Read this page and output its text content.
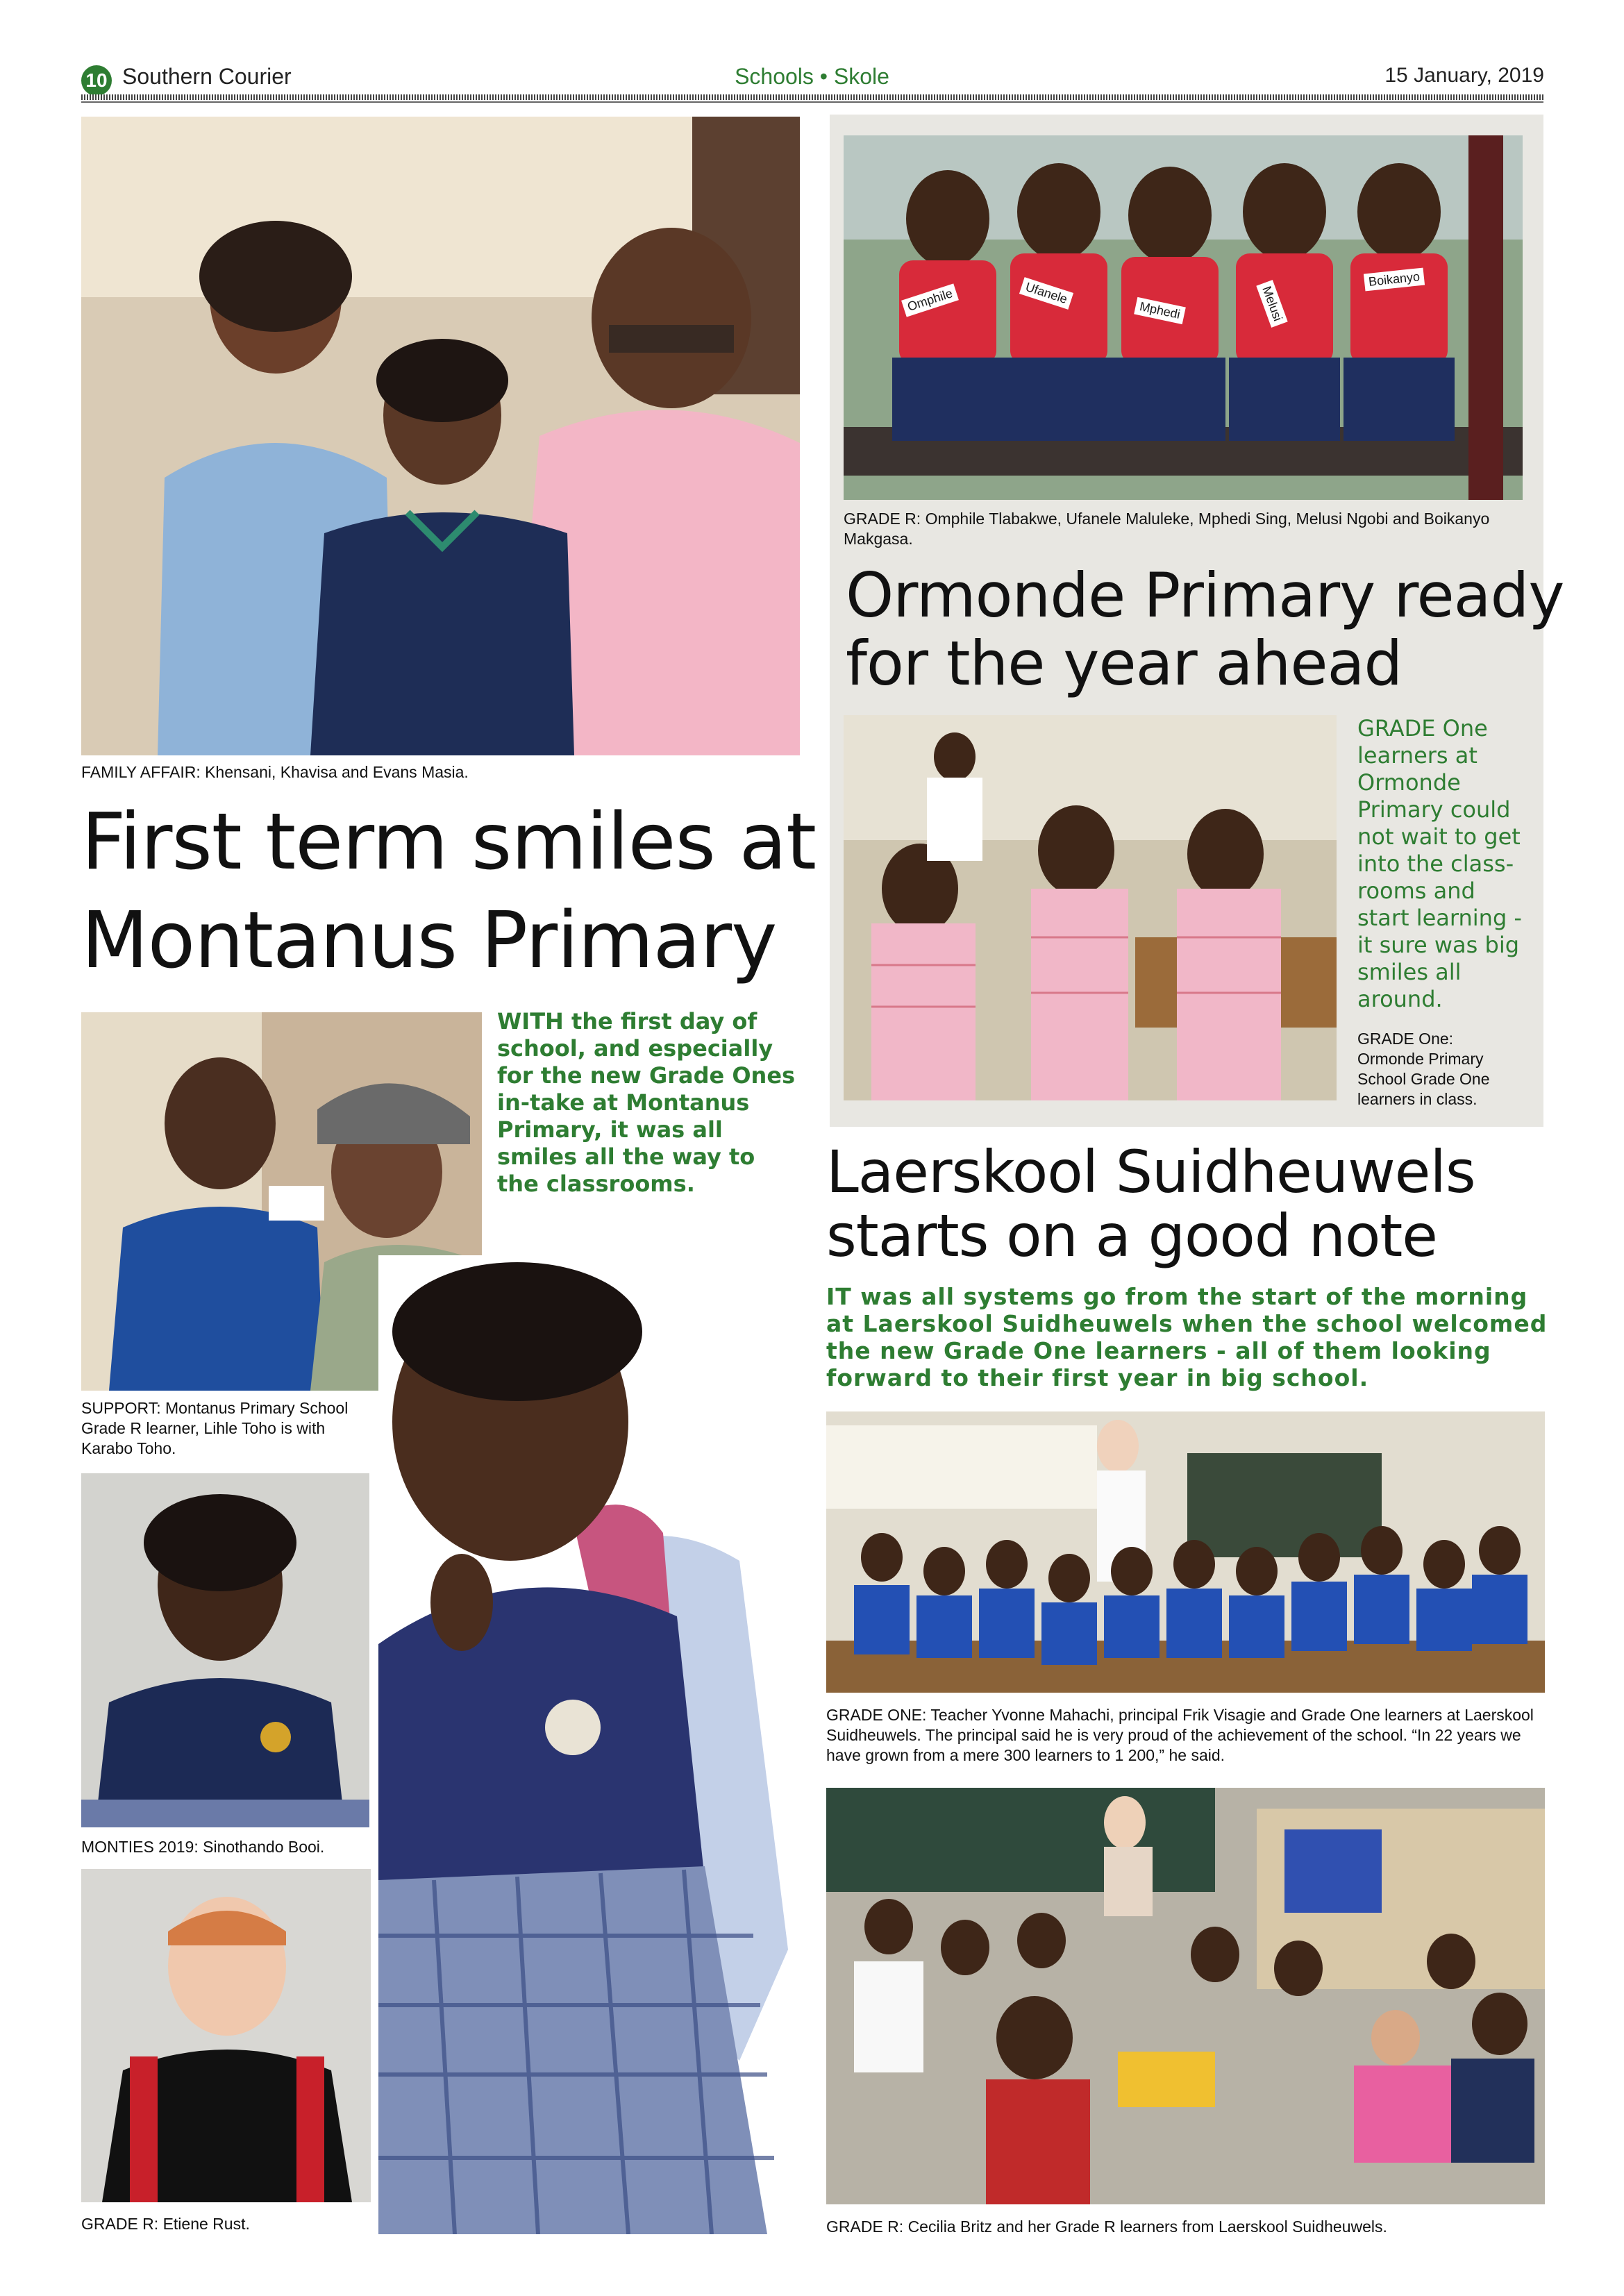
10 Southern Courier	Schools • Skole	15 January, 2019
FAMILY AFFAIR: Khensani, Khavisa and Evans Masia.
First term smiles at
Montanus Primary
SUPPORT: Montanus Primary School Grade R learner, Lihle Toho is with Karabo Toho.
WITH the first day of school, and especially for the new Grade Ones in-take at Montanus Primary, it was all smiles all the way to the classrooms.
MONTIES 2019: Sinothando Booi.
GRADE R: Etiene Rust.
Omphile	Ufanele
Mphedi	Melusi
Boikanyo
GRADE R: Omphile Tlabakwe, Ufanele Maluleke, Mphedi Sing, Melusi Ngobi and Boikanyo Makgasa.
Ormonde Primary ready
for the year ahead
GRADE One learners at Ormonde Primary could not wait to get into the class-rooms and start learning - it sure was big smiles all around.
GRADE One: Ormonde Primary School Grade One learners in class.
Laerskool Suidheuwels
starts on a good note
IT was all systems go from the start of the morning at Laerskool Suidheuwels when the school welcomed the new Grade One learners - all of them looking forward to their first year in big school.
GRADE ONE: Teacher Yvonne Mahachi, principal Frik Visagie and Grade One learners at Laerskool Suidheuwels. The principal said he is very proud of the achievement of the school. “In 22 years we have grown from a mere 300 learners to 1 200,” he said.
GRADE R: Cecilia Britz and her Grade R learners from Laerskool Suidheuwels.
